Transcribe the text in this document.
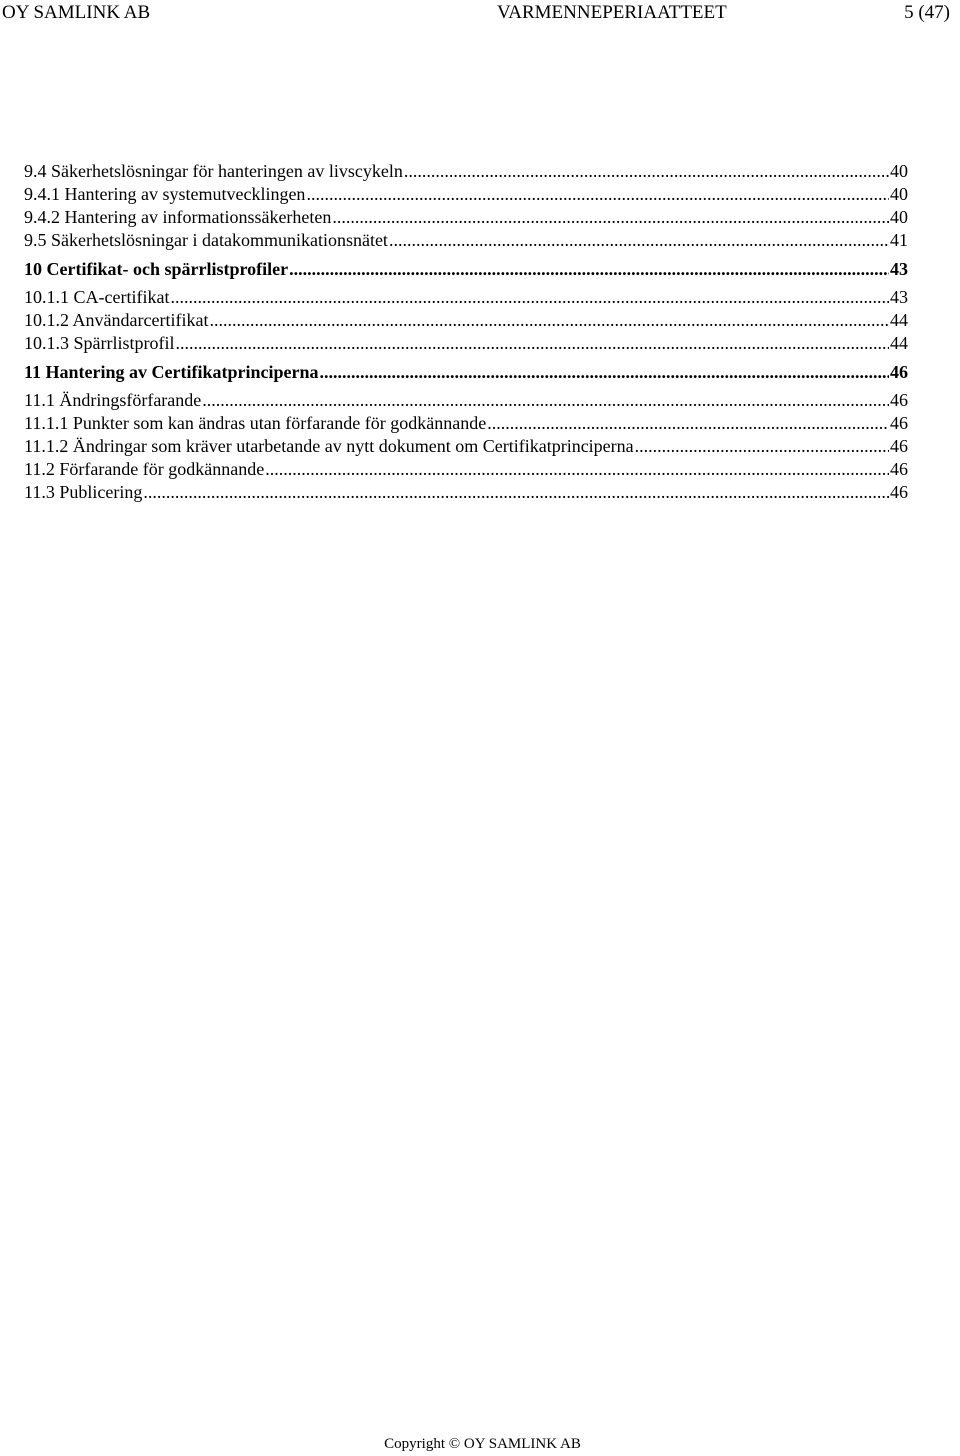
OY SAMLINK AB	VARMENNEPERIAATTEET	5 (47)
9.4 Säkerhetslösningar för hantering​en av livscykeln .....	40
9.4.1 Hantering av systemutvecklingen .....	40
9.4.2 Hantering av informationssäkerheten .....	40
9.5 Säkerhetslösningar i datakommunikationsnätet .....	41
10 Certifikat- och spärrlistprofiler .....	43
10.1.1 CA-certifikat .....	43
10.1.2 Användarcertifikat .....	44
10.1.3 Spärrlistprofil .....	44
11 Hantering av Certifikatprinciperna .....	46
11.1 Ändringsförfarande .....	46
11.1.1 Punkter som kan ändras utan förfarande för godkännande .....	46
11.1.2 Ändringar som kräver utarbetande av nytt dokument om Certifikatprinciperna .....	46
11.2 Förfarande för godkännande .....	46
11.3 Publicering .....	46
Copyright © OY SAMLINK AB
